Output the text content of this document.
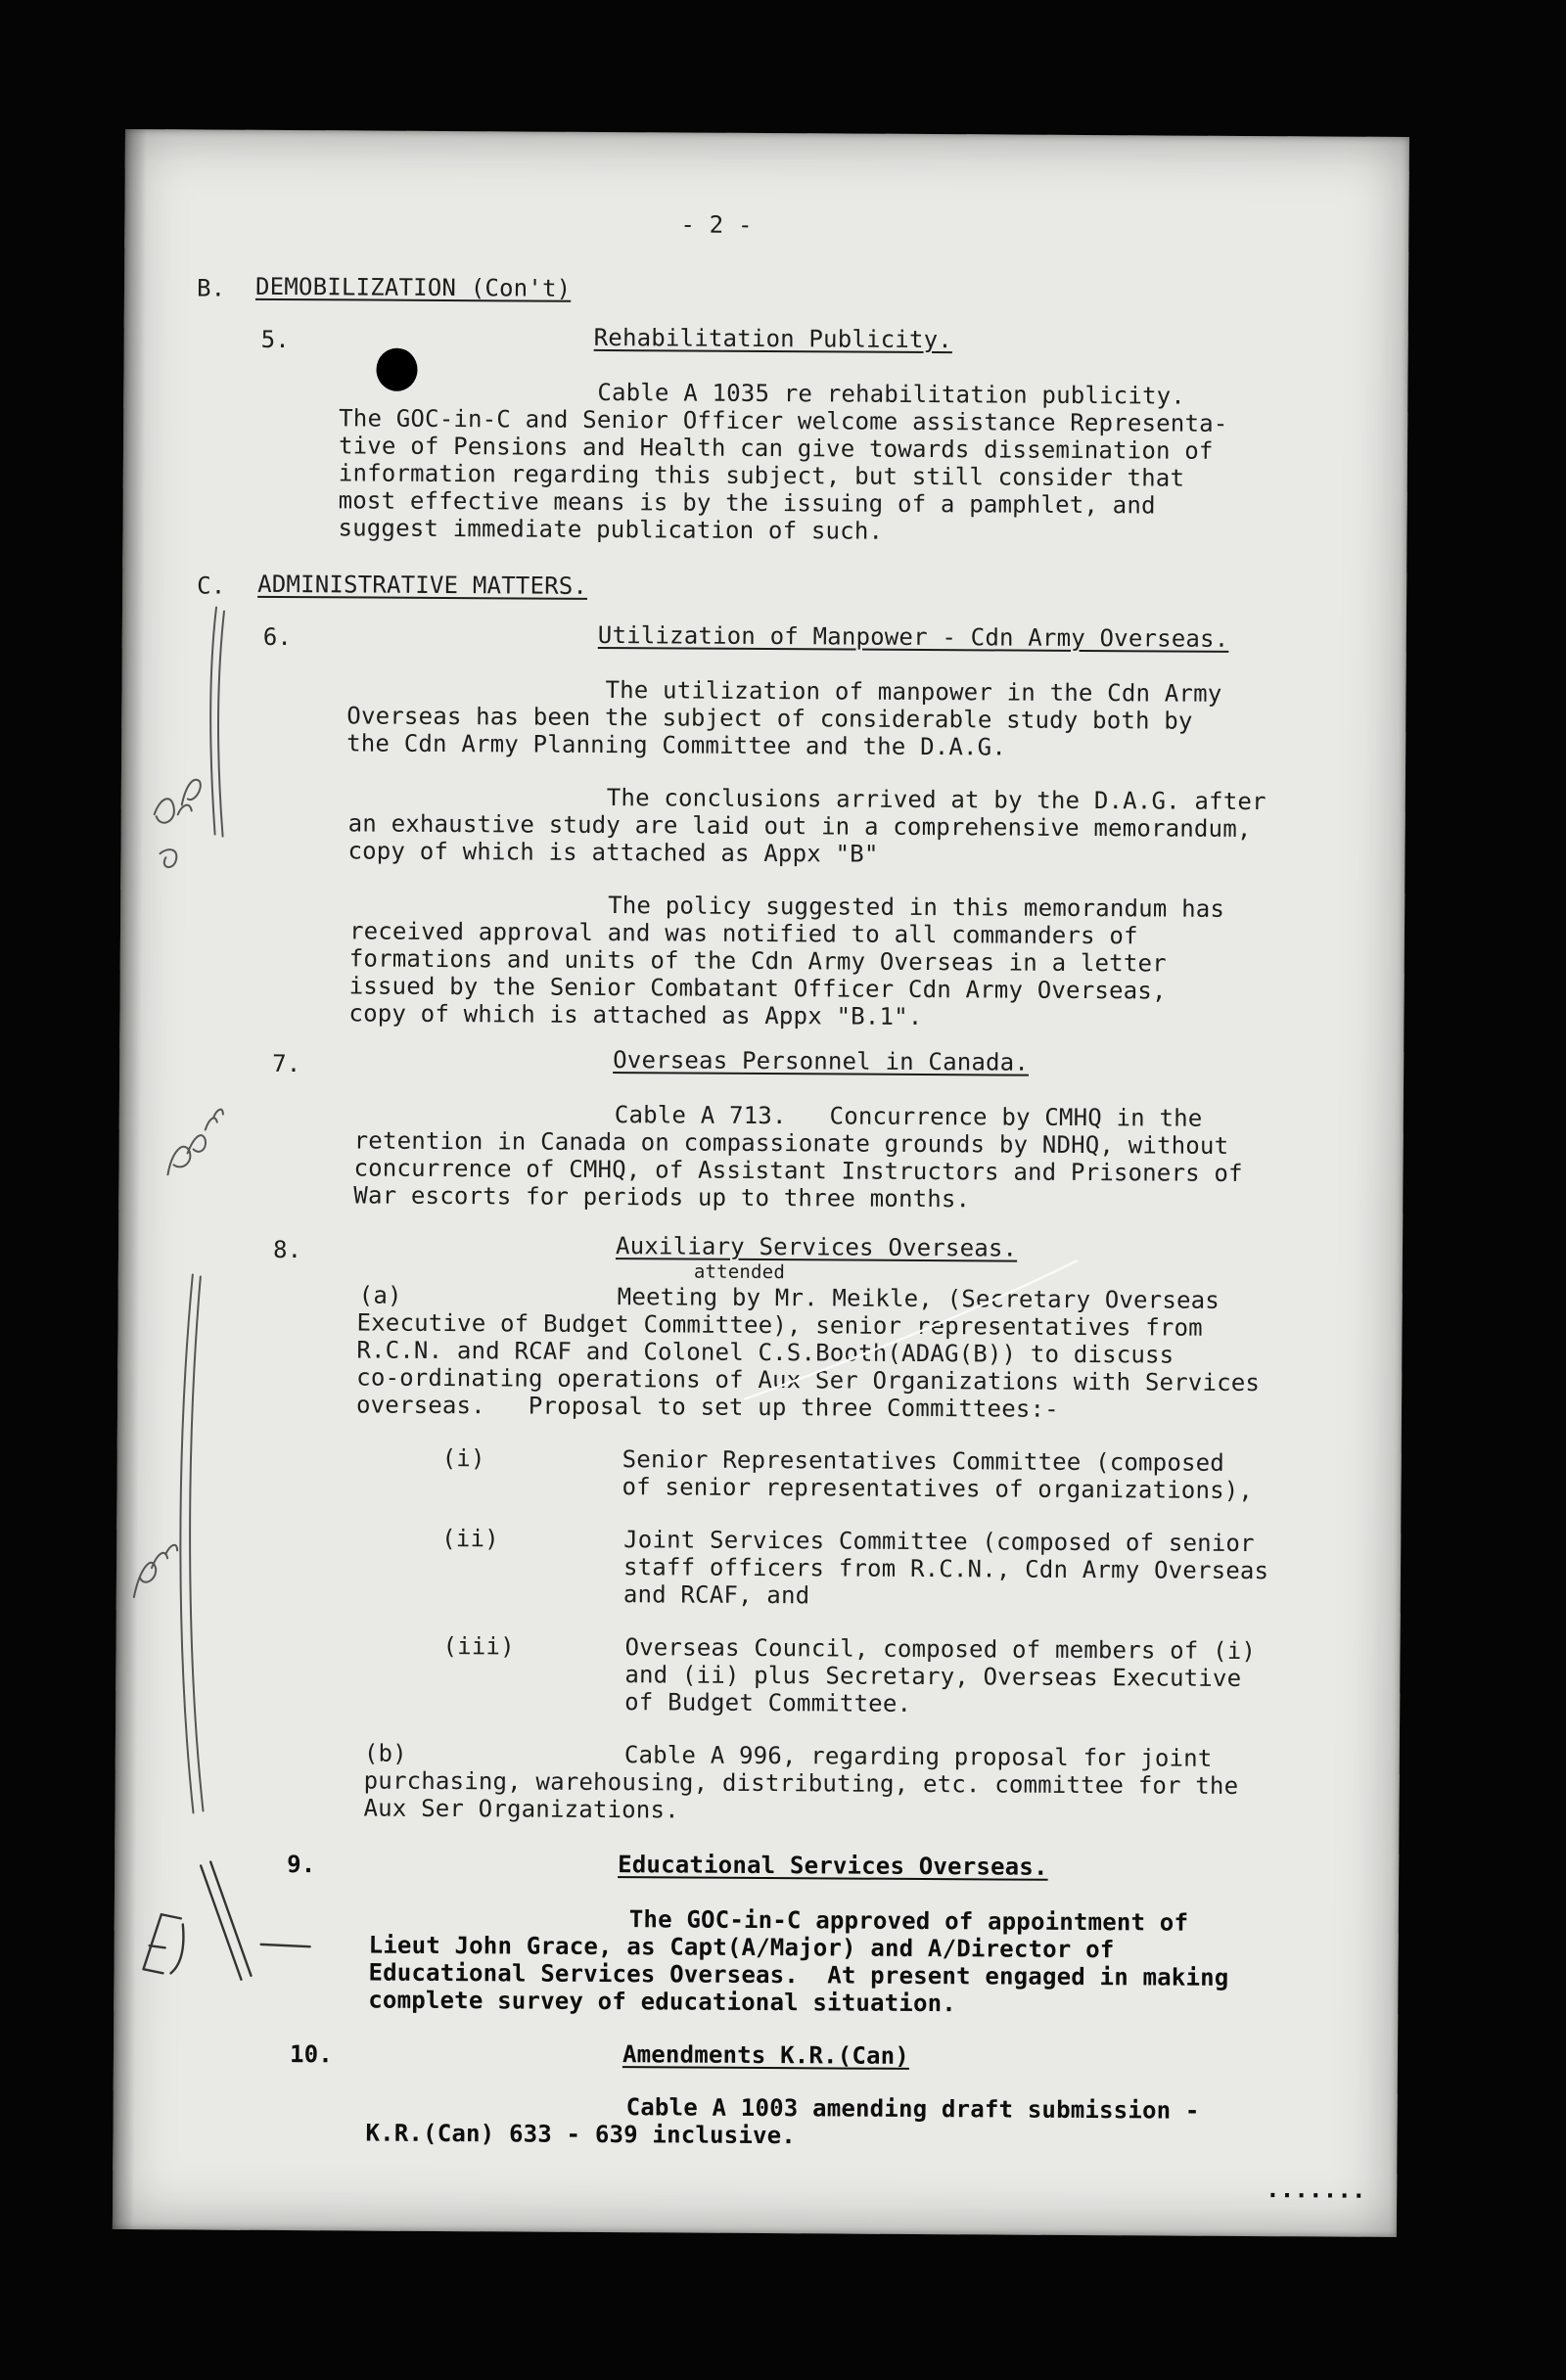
- 2 -
B. DEMOBILIZATION (Con't)
5.	Rehabilitation Publicity.
Cable A 1035 re rehabilitation publicity.
The GOC-in-C and Senior Officer welcome assistance Representa-
tive of Pensions and Health can give towards dissemination of
information regarding this subject, but still consider that
most effective means is by the issuing of a pamphlet, and
suggest immediate publication of such.
C. ADMINISTRATIVE MATTERS.
6.	Utilization of Manpower - Cdn Army Overseas.
The utilization of manpower in the Cdn Army
Overseas has been the subject of considerable study both by
the Cdn Army Planning Committee and the D.A.G.
The conclusions arrived at by the D.A.G. after
an exhaustive study are laid out in a comprehensive memorandum,
copy of which is attached as Appx "B"
The policy suggested in this memorandum has
received approval and was notified to all commanders of
formations and units of the Cdn Army Overseas in a letter
issued by the Senior Combatant Officer Cdn Army Overseas,
copy of which is attached as Appx "B.1".
7.	Overseas Personnel in Canada.
Cable A 713.   Concurrence by CMHQ in the
retention in Canada on compassionate grounds by NDHQ, without
concurrence of CMHQ, of Assistant Instructors and Prisoners of
War escorts for periods up to three months.
8.	Auxiliary Services Overseas.
attended
(a)	Meeting by Mr. Meikle, (Secretary Overseas
Executive of Budget Committee), senior representatives from
R.C.N. and RCAF and Colonel C.S.Booth(ADAG(B)) to discuss
co-ordinating operations of Aux Ser Organizations with Services
overseas.   Proposal to set up three Committees:-
(i)	Senior Representatives Committee (composed
of senior representatives of organizations),
(ii)	Joint Services Committee (composed of senior
staff officers from R.C.N., Cdn Army Overseas
and RCAF, and
(iii)	Overseas Council, composed of members of (i)
and (ii) plus Secretary, Overseas Executive
of Budget Committee.
(b)	Cable A 996, regarding proposal for joint
purchasing, warehousing, distributing, etc. committee for the
Aux Ser Organizations.
9.	Educational Services Overseas.
The GOC-in-C approved of appointment of
Lieut John Grace, as Capt(A/Major) and A/Director of
Educational Services Overseas.  At present engaged in making
complete survey of educational situation.
10.	Amendments K.R.(Can)
Cable A 1003 amending draft submission -
K.R.(Can) 633 - 639 inclusive.
.......
